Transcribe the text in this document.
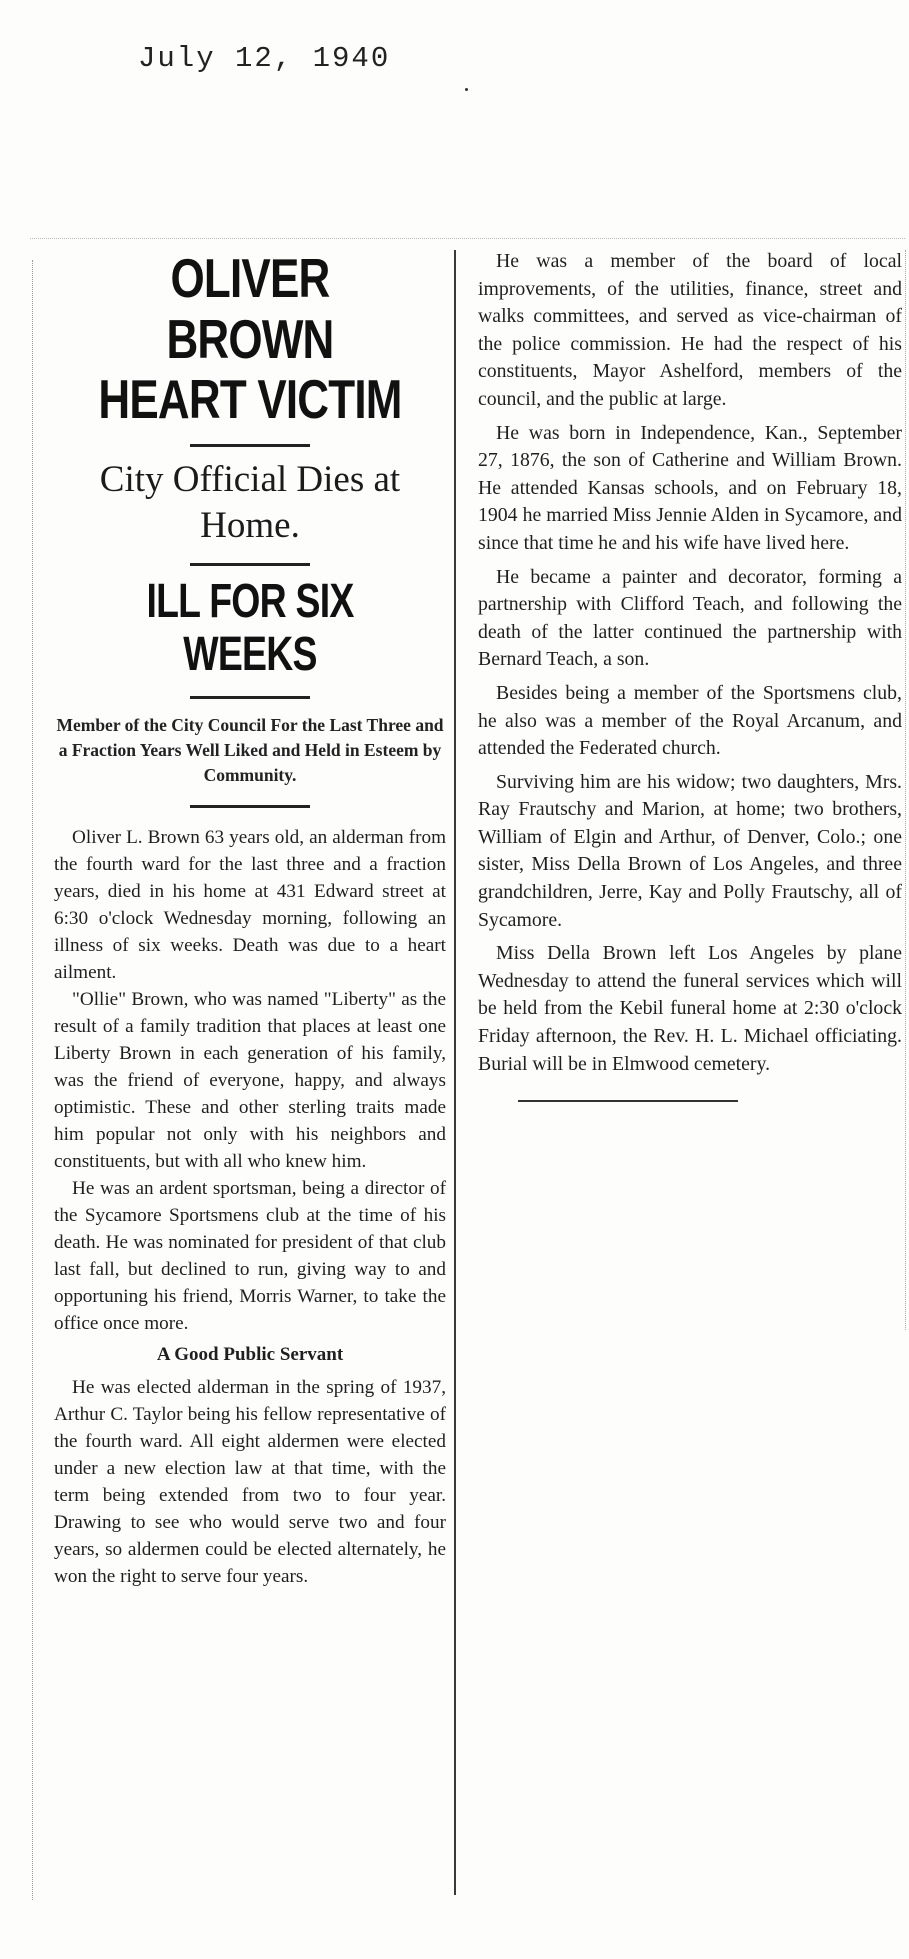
July 12, 1940
OLIVER BROWN
HEART VICTIM
City Official Dies at Home.
ILL FOR SIX WEEKS
Member of the City Council For the Last Three and a Fraction Years Well Liked and Held in Esteem by Community.

Oliver L. Brown 63 years old, an alderman from the fourth ward for the last three and a fraction years, died in his home at 431 Edward street at 6:30 o'clock Wednesday morning, following an illness of six weeks. Death was due to a heart ailment.

"Ollie" Brown, who was named "Liberty" as the result of a family tradition that places at least one Liberty Brown in each generation of his family, was the friend of everyone, happy, and always optimistic. These and other sterling traits made him popular not only with his neighbors and constituents, but with all who knew him.

He was an ardent sportsman, being a director of the Sycamore Sportsmens club at the time of his death. He was nominated for president of that club last fall, but declined to run, giving way to and opportuning his friend, Morris Warner, to take the office once more.

A Good Public Servant

He was elected alderman in the spring of 1937, Arthur C. Taylor being his fellow representative of the fourth ward. All eight aldermen were elected under a new election law at that time, with the term being extended from two to four year. Drawing to see who would serve two and four years, so aldermen could be elected alternately, he won the right to serve four years.

He was a member of the board of local improvements, of the utilities, finance, street and walks committees, and served as vice-chairman of the police commission. He had the respect of his constituents, Mayor Ashelford, members of the council, and the public at large.

He was born in Independence, Kan., September 27, 1876, the son of Catherine and William Brown. He attended Kansas schools, and on February 18, 1904 he married Miss Jennie Alden in Sycamore, and since that time he and his wife have lived here.

He became a painter and decorator, forming a partnership with Clifford Teach, and following the death of the latter continued the partnership with Bernard Teach, a son.

Besides being a member of the Sportsmens club, he also was a member of the Royal Arcanum, and attended the Federated church.

Surviving him are his widow; two daughters, Mrs. Ray Frautschy and Marion, at home; two brothers, William of Elgin and Arthur, of Denver, Colo.; one sister, Miss Della Brown of Los Angeles, and three grandchildren, Jerre, Kay and Polly Frautschy, all of Sycamore.

Miss Della Brown left Los Angeles by plane Wednesday to attend the funeral services which will be held from the Kebil funeral home at 2:30 o'clock Friday afternoon, the Rev. H. L. Michael officiating. Burial will be in Elmwood cemetery.
